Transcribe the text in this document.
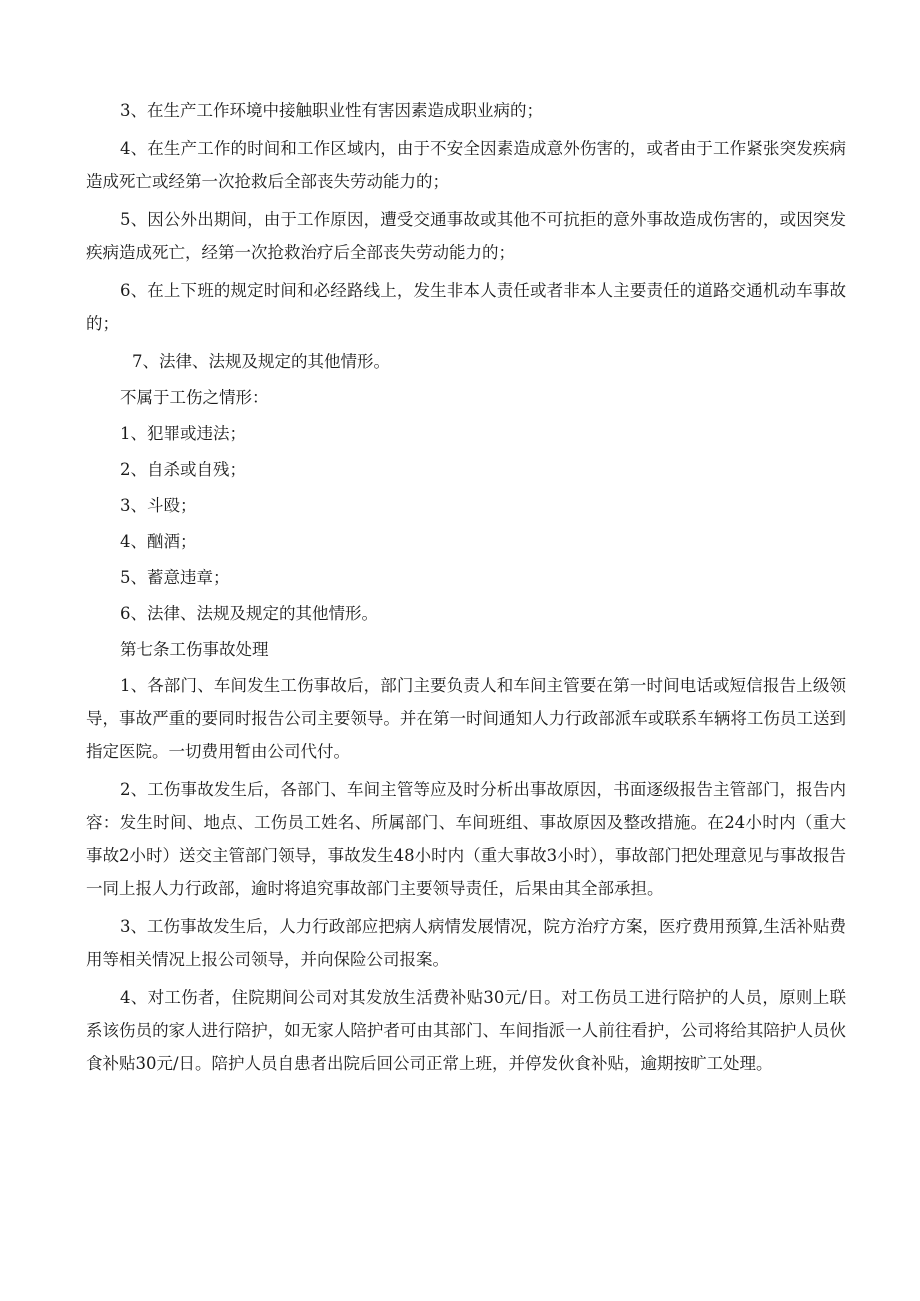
3、在生产工作环境中接触职业性有害因素造成职业病的；

4、在生产工作的时间和工作区域内，由于不安全因素造成意外伤害的，或者由于工作紧张突发疾病造成死亡或经第一次抢救后全部丧失劳动能力的；

5、因公外出期间，由于工作原因，遭受交通事故或其他不可抗拒的意外事故造成伤害的，或因突发疾病造成死亡，经第一次抢救治疗后全部丧失劳动能力的；

6、在上下班的规定时间和必经路线上，发生非本人责任或者非本人主要责任的道路交通机动车事故的；

7、法律、法规及规定的其他情形。

不属于工伤之情形：

1、犯罪或违法；

2、自杀或自残；

3、斗殴；

4、酗酒；

5、蓄意违章；

6、法律、法规及规定的其他情形。

第七条工伤事故处理

1、各部门、车间发生工伤事故后，部门主要负责人和车间主管要在第一时间电话或短信报告上级领导，事故严重的要同时报告公司主要领导。并在第一时间通知人力行政部派车或联系车辆将工伤员工送到指定医院。一切费用暂由公司代付。

2、工伤事故发生后，各部门、车间主管等应及时分析出事故原因，书面逐级报告主管部门，报告内容：发生时间、地点、工伤员工姓名、所属部门、车间班组、事故原因及整改措施。在24小时内（重大事故2小时）送交主管部门领导，事故发生48小时内（重大事故3小时），事故部门把处理意见与事故报告一同上报人力行政部，逾时将追究事故部门主要领导责任，后果由其全部承担。

3、工伤事故发生后，人力行政部应把病人病情发展情况，院方治疗方案，医疗费用预算,生活补贴费用等相关情况上报公司领导，并向保险公司报案。

4、对工伤者，住院期间公司对其发放生活费补贴30元/日。对工伤员工进行陪护的人员，原则上联系该伤员的家人进行陪护，如无家人陪护者可由其部门、车间指派一人前往看护，公司将给其陪护人员伙食补贴30元/日。陪护人员自患者出院后回公司正常上班，并停发伙食补贴，逾期按旷工处理。
